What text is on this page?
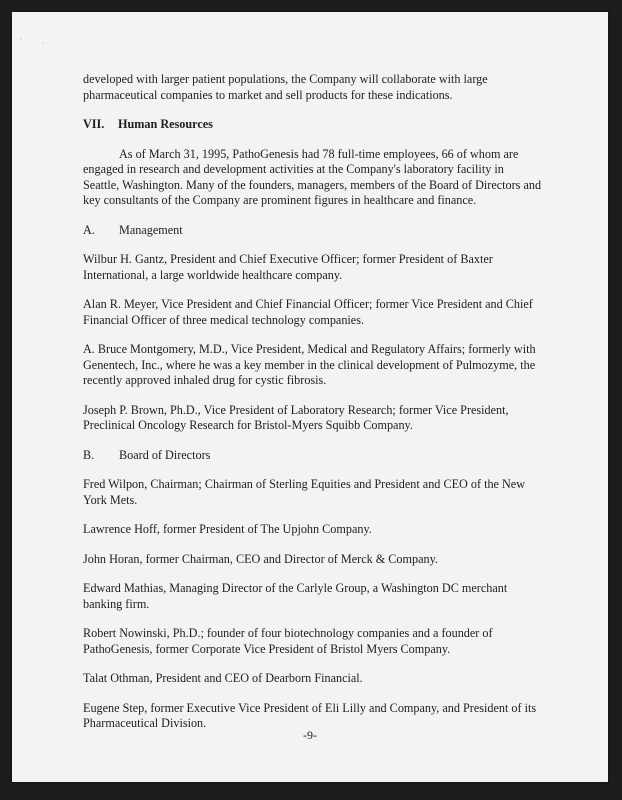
developed with larger patient populations, the Company will collaborate with large pharmaceutical companies to market and sell products for these indications.

VII. Human Resources

As of March 31, 1995, PathoGenesis had 78 full-time employees, 66 of whom are engaged in research and development activities at the Company's laboratory facility in Seattle, Washington. Many of the founders, managers, members of the Board of Directors and key consultants of the Company are prominent figures in healthcare and finance.

A. Management

Wilbur H. Gantz, President and Chief Executive Officer; former President of Baxter International, a large worldwide healthcare company.

Alan R. Meyer, Vice President and Chief Financial Officer; former Vice President and Chief Financial Officer of three medical technology companies.

A. Bruce Montgomery, M.D., Vice President, Medical and Regulatory Affairs; formerly with Genentech, Inc., where he was a key member in the clinical development of Pulmozyme, the recently approved inhaled drug for cystic fibrosis.

Joseph P. Brown, Ph.D., Vice President of Laboratory Research; former Vice President, Preclinical Oncology Research for Bristol-Myers Squibb Company.

B. Board of Directors

Fred Wilpon, Chairman; Chairman of Sterling Equities and President and CEO of the New York Mets.

Lawrence Hoff, former President of The Upjohn Company.

John Horan, former Chairman, CEO and Director of Merck & Company.

Edward Mathias, Managing Director of the Carlyle Group, a Washington DC merchant banking firm.

Robert Nowinski, Ph.D.; founder of four biotechnology companies and a founder of PathoGenesis, former Corporate Vice President of Bristol Myers Company.

Talat Othman, President and CEO of Dearborn Financial.

Eugene Step, former Executive Vice President of Eli Lilly and Company, and President of its Pharmaceutical Division.

-9-
